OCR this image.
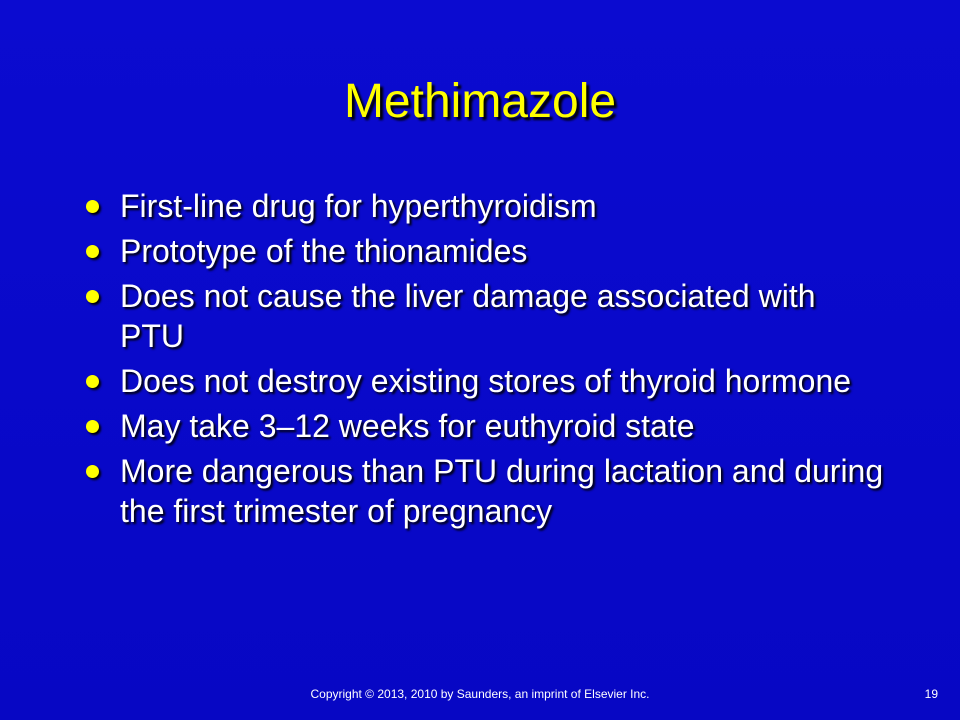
Methimazole
First-line drug for hyperthyroidism
Prototype of the thionamides
Does not cause the liver damage associated with PTU
Does not destroy existing stores of thyroid hormone
May take 3–12 weeks for euthyroid state
More dangerous than PTU during lactation and during the first trimester of pregnancy
Copyright © 2013, 2010 by Saunders, an imprint of Elsevier Inc.	19
